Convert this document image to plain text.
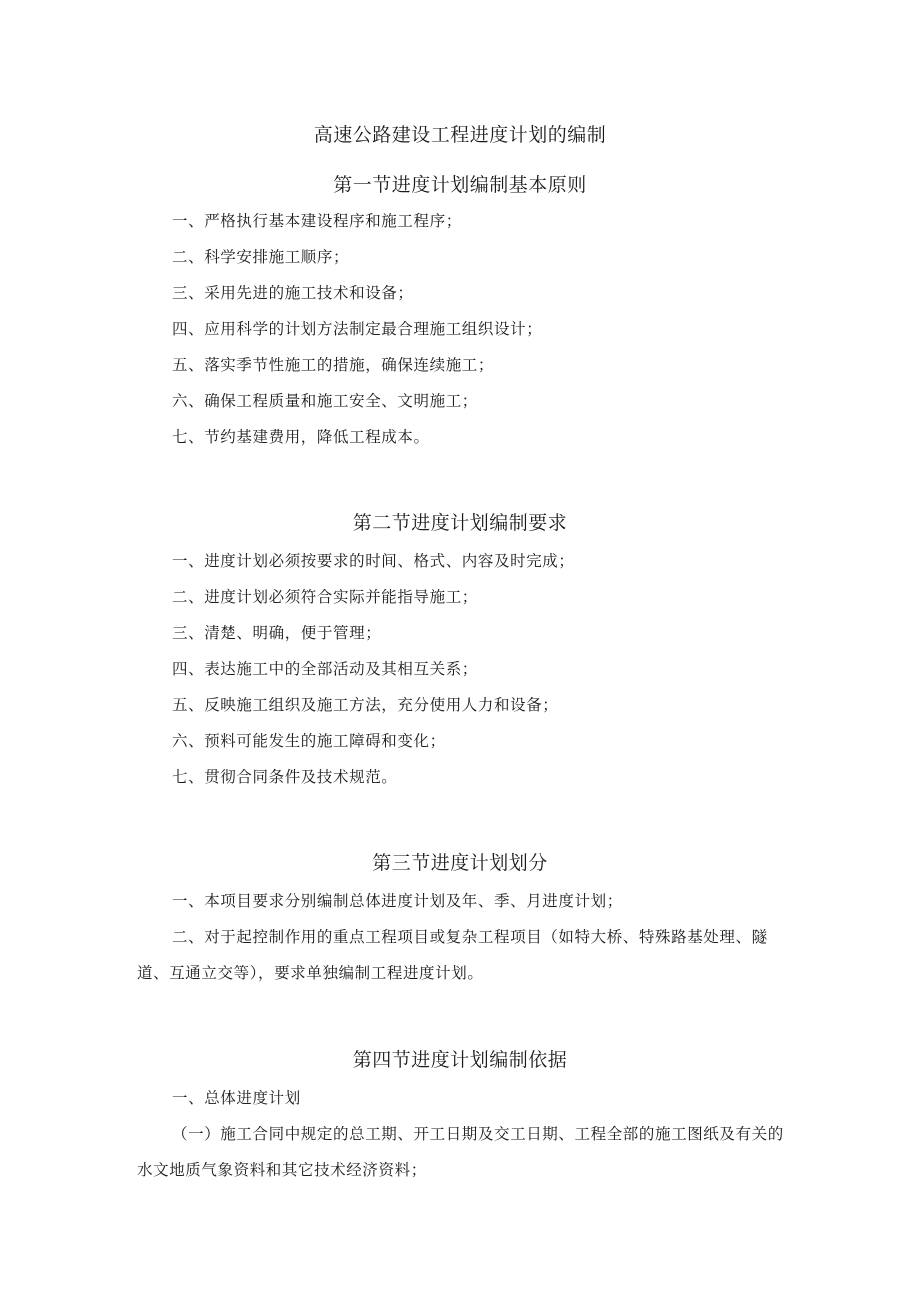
高速公路建设工程进度计划的编制
第一节进度计划编制基本原则

一、严格执行基本建设程序和施工程序；

二、科学安排施工顺序；

三、采用先进的施工技术和设备；

四、应用科学的计划方法制定最合理施工组织设计；

五、落实季节性施工的措施，确保连续施工；

六、确保工程质量和施工安全、文明施工；

七、节约基建费用，降低工程成本。

第二节进度计划编制要求

一、进度计划必须按要求的时间、格式、内容及时完成；

二、进度计划必须符合实际并能指导施工；

三、清楚、明确，便于管理；

四、表达施工中的全部活动及其相互关系；

五、反映施工组织及施工方法，充分使用人力和设备；

六、预料可能发生的施工障碍和变化；

七、贯彻合同条件及技术规范。

第三节进度计划划分

一、本项目要求分别编制总体进度计划及年、季、月进度计划；

二、对于起控制作用的重点工程项目或复杂工程项目（如特大桥、特殊路基处理、隧道、互通立交等），要求单独编制工程进度计划。

第四节进度计划编制依据

一、总体进度计划

（一）施工合同中规定的总工期、开工日期及交工日期、工程全部的施工图纸及有关的水文地质气象资料和其它技术经济资料；
